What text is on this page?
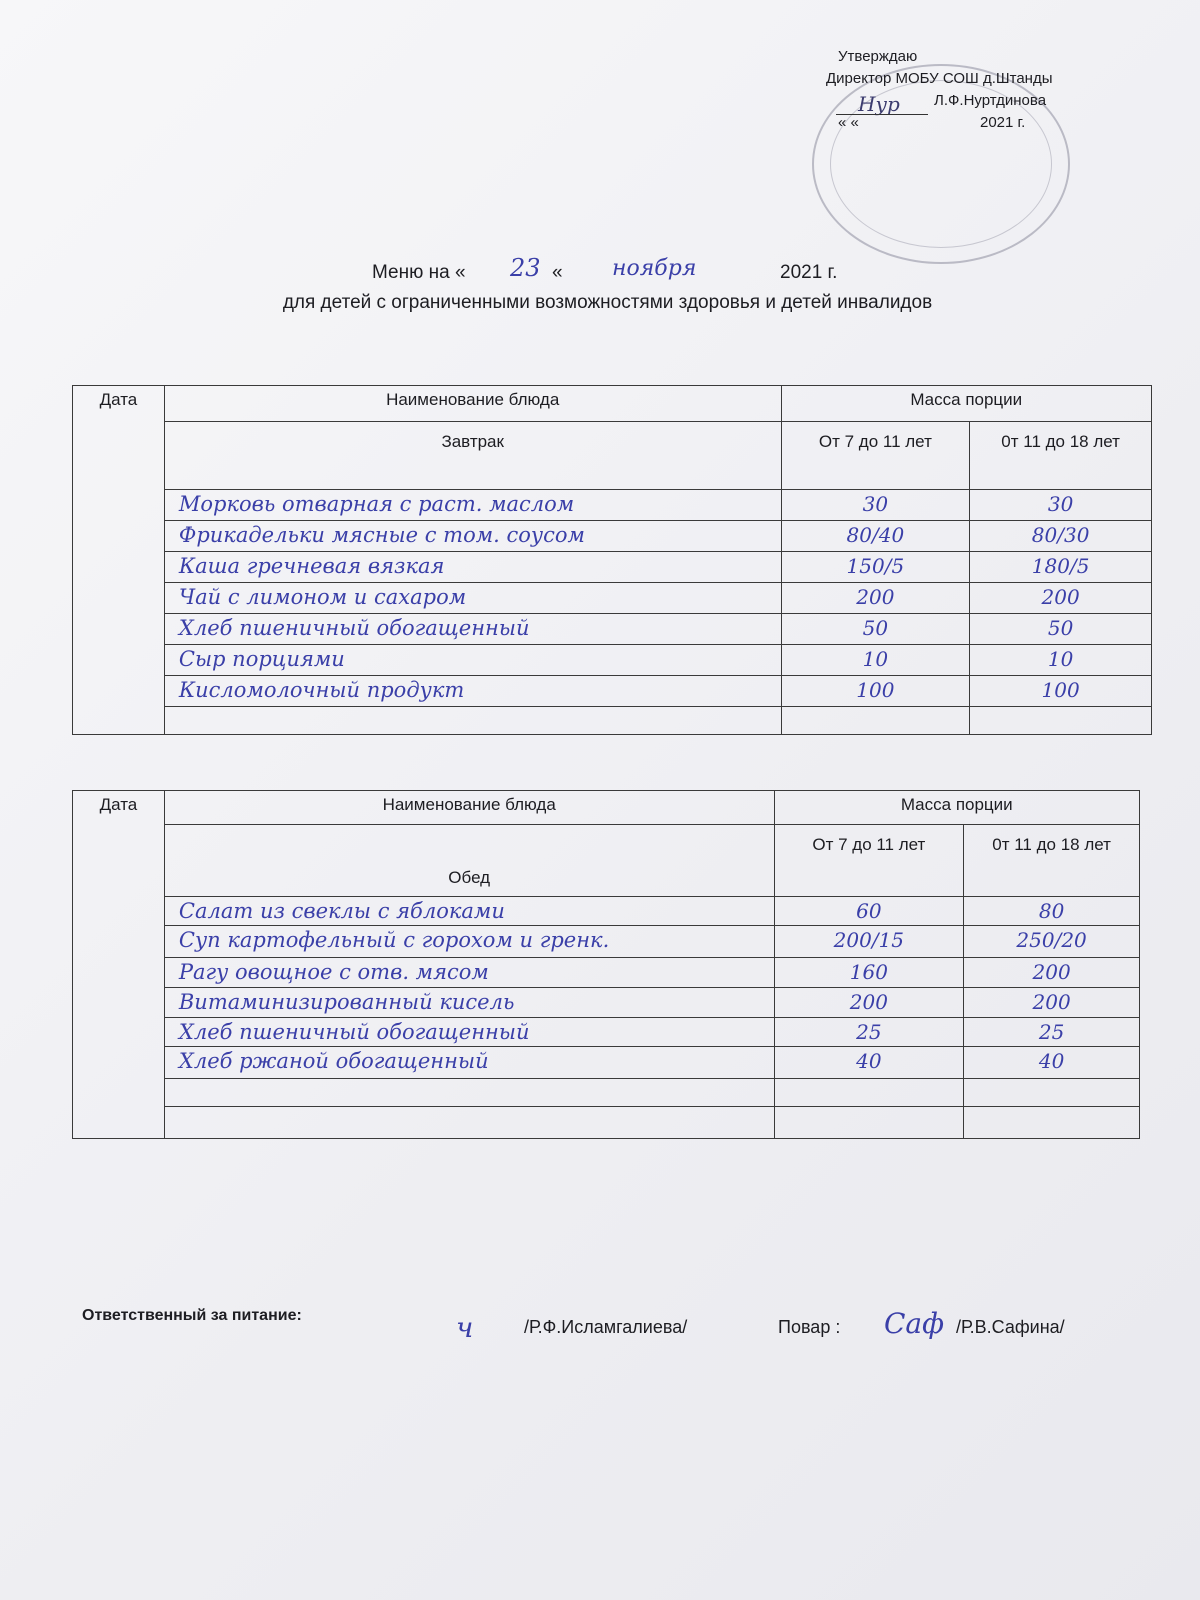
Нур
Утверждаю
Директор МОБУ СОШ д.Штанды
Л.Ф.Нуртдинова
« «	2021 г.
Меню на « 23 « ноября	2021 г.
для детей с ограниченными возможностями здоровья и детей инвалидов
Дата	Наименование блюда	Масса порции	
	Завтрак	От 7 до 11 лет	0т 11 до 18 лет
	Морковь отварная с раст. маслом	30	30
	Фрикадельки мясные с том. соусом	80/40	80/30
	Каша гречневая вязкая	150/5	180/5
	Чай с лимоном и сахаром	200	200
	Хлеб пшеничный обогащенный	50	50
	Сыр порциями	10	10
	Кисломолочный продукт	100	100

Дата	Наименование блюда	Масса порции	
	Обед	От 7 до 11 лет	0т 11 до 18 лет
	Салат из свеклы с яблоками	60	80
	Суп картофельный с горохом и гренк.	200/15	250/20
	Рагу овощное с отв. мясом	160	200
	Витаминизированный кисель	200	200
	Хлеб пшеничный обогащенный	25	25
	Хлеб ржаной обогащенный	40	40

Ответственный за питание:	ч	/Р.Ф.Исламгалиева/	Повар : Саф /Р.В.Сафина/
